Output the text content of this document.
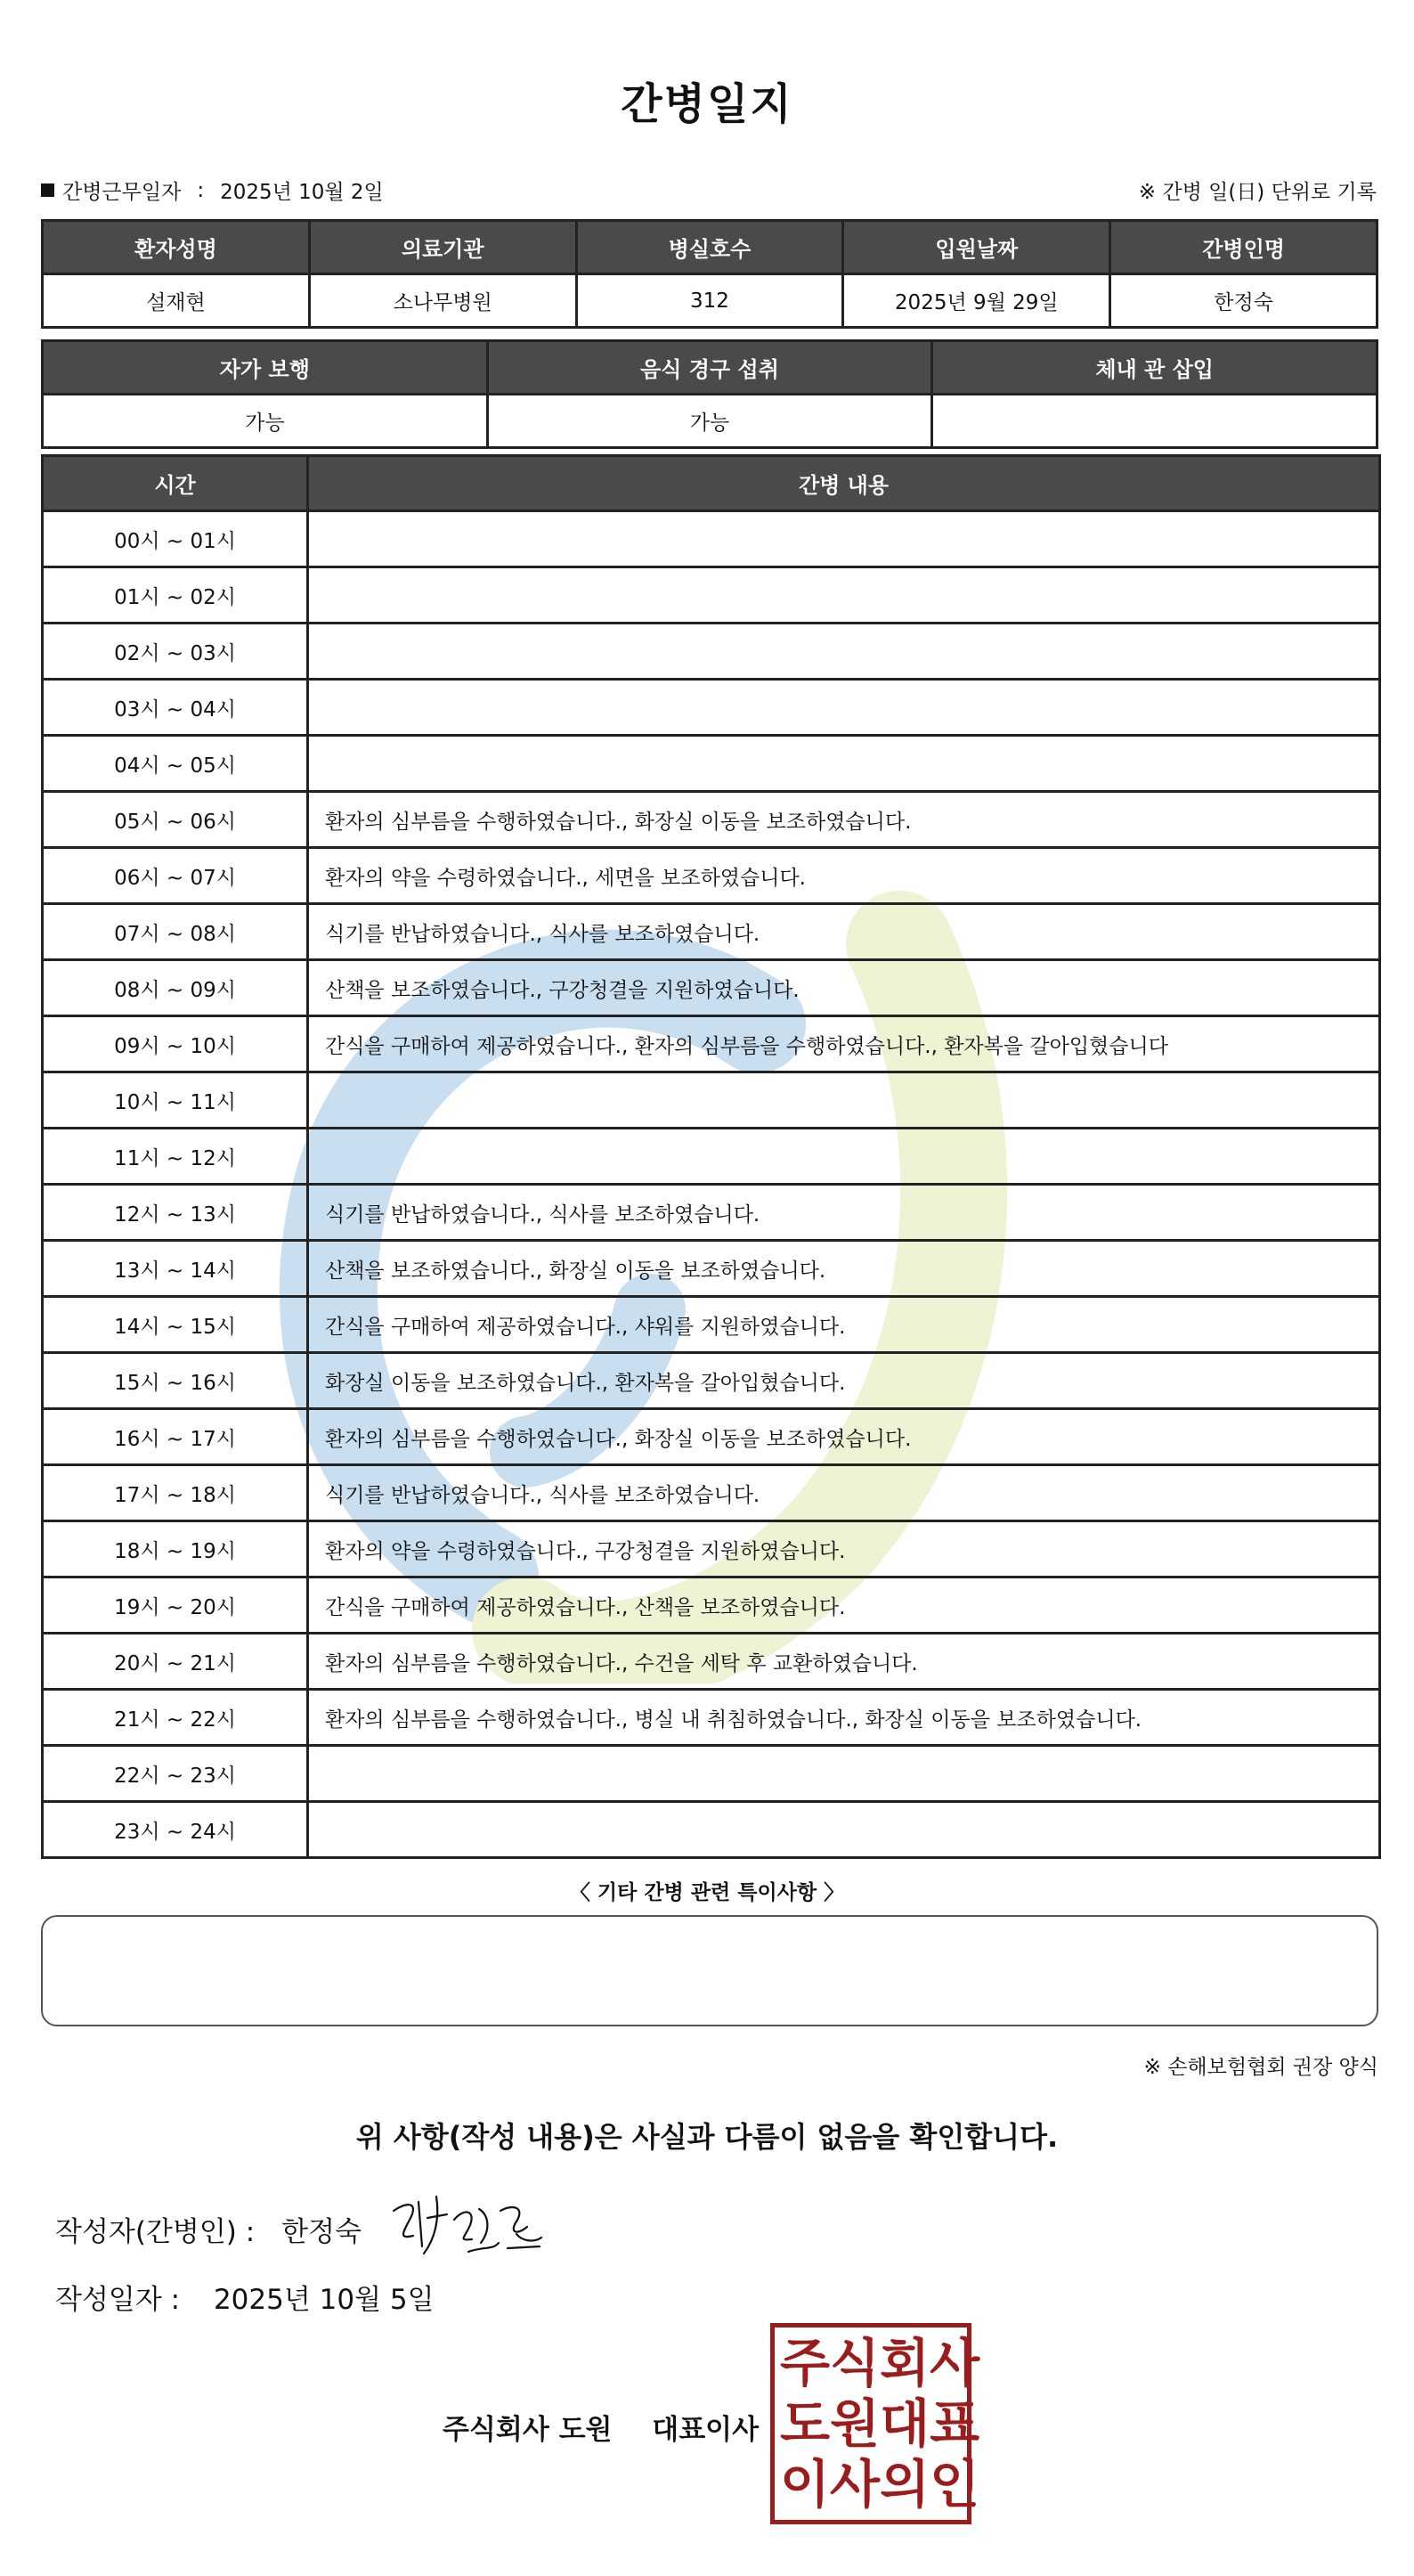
간병일지
간병근무일자 : 2025년 10월 2일	※ 간병 일(日) 단위로 기록
환자성명	의료기관	병실호수	입원날짜	간병인명
설재현	소나무병원	312	2025년 9월 29일	한정숙
자가 보행	음식 경구 섭취	체내 관 삽입
가능	가능	
시간	간병 내용
00시 ~ 01시	
01시 ~ 02시	
02시 ~ 03시	
03시 ~ 04시	
04시 ~ 05시	
05시 ~ 06시	환자의 심부름을 수행하였습니다., 화장실 이동을 보조하였습니다.
06시 ~ 07시	환자의 약을 수령하였습니다., 세면을 보조하였습니다.
07시 ~ 08시	식기를 반납하였습니다., 식사를 보조하였습니다.
08시 ~ 09시	산책을 보조하였습니다., 구강청결을 지원하였습니다.
09시 ~ 10시	간식을 구매하여 제공하였습니다., 환자의 심부름을 수행하였습니다., 환자복을 갈아입혔습니다
10시 ~ 11시	
11시 ~ 12시	
12시 ~ 13시	식기를 반납하였습니다., 식사를 보조하였습니다.
13시 ~ 14시	산책을 보조하였습니다., 화장실 이동을 보조하였습니다.
14시 ~ 15시	간식을 구매하여 제공하였습니다., 샤워를 지원하였습니다.
15시 ~ 16시	화장실 이동을 보조하였습니다., 환자복을 갈아입혔습니다.
16시 ~ 17시	환자의 심부름을 수행하였습니다., 화장실 이동을 보조하였습니다.
17시 ~ 18시	식기를 반납하였습니다., 식사를 보조하였습니다.
18시 ~ 19시	환자의 약을 수령하였습니다., 구강청결을 지원하였습니다.
19시 ~ 20시	간식을 구매하여 제공하였습니다., 산책을 보조하였습니다.
20시 ~ 21시	환자의 심부름을 수행하였습니다., 수건을 세탁 후 교환하였습니다.
21시 ~ 22시	환자의 심부름을 수행하였습니다., 병실 내 취침하였습니다., 화장실 이동을 보조하였습니다.
22시 ~ 23시	
23시 ~ 24시	
〈 기타 간병 관련 특이사항 〉
※ 손해보험협회 권장 양식
위 사항(작성 내용)은 사실과 다름이 없음을 확인합니다.
작성자(간병인) : 한정숙
작성일자 : 2025년 10월 5일
주식회사 도원 대표이사
주 식 회 사
도 원 대 표
이 사 의 인
